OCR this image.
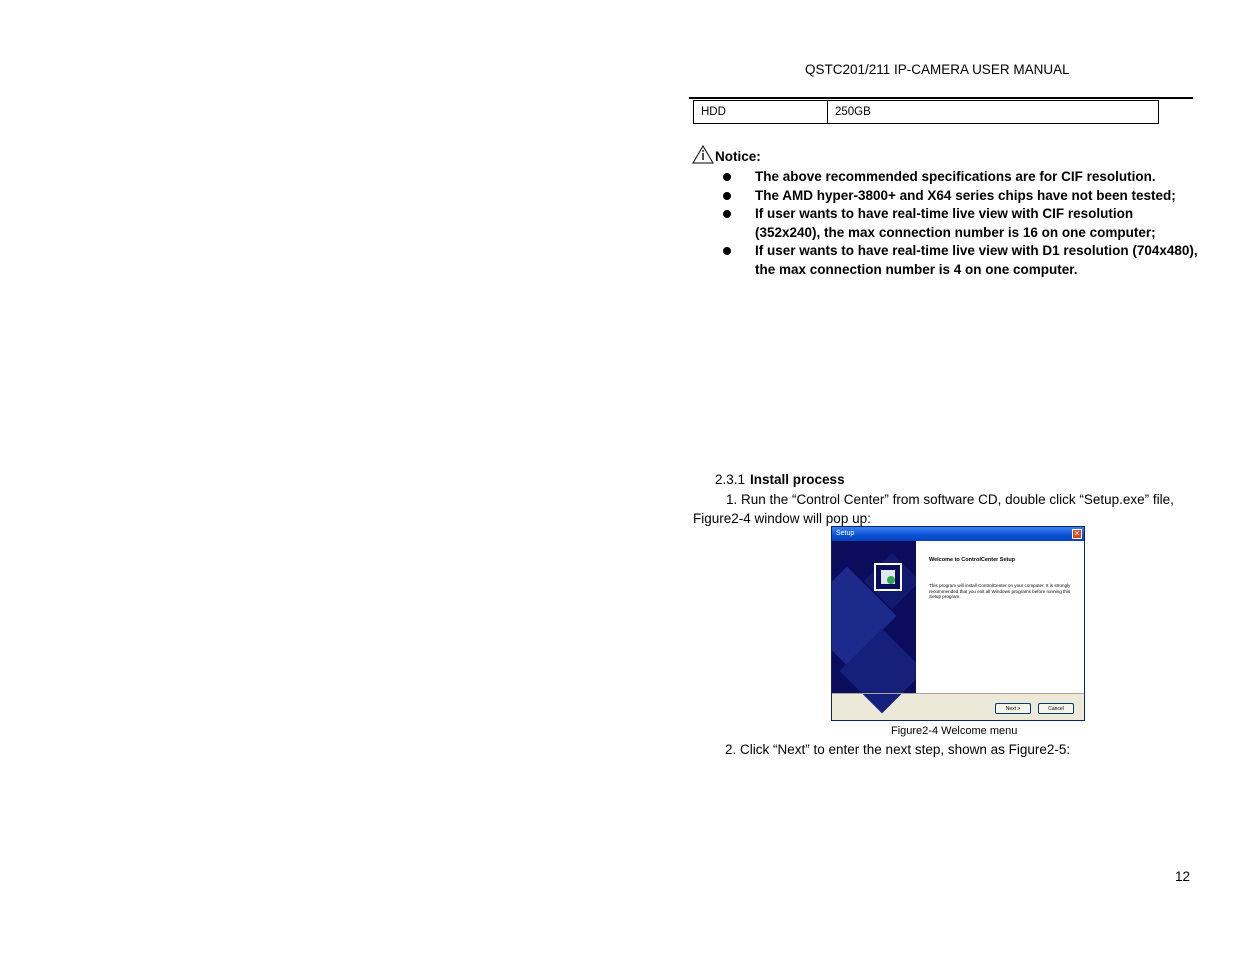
QSTC201/211 IP-CAMERA USER MANUAL
HDD	250GB
Notice:
The above recommended specifications are for CIF resolution.
The AMD hyper-3800+ and X64 series chips have not been tested;
If user wants to have real-time live view with CIF resolution (352x240), the max connection number is 16 on one computer;
If user wants to have real-time live view with D1 resolution (704x480), the max connection number is 4 on one computer.
2.3.1 Install process
1. Run the “Control Center” from software CD, double click “Setup.exe” file, Figure2-4 window will pop up:
Setup	✕
Welcome to ControlCenter Setup
This program will install ControlCenter on your computer. It is strongly recommended that you exit all Windows programs before running this Setup program.
Next >	Cancel
Figure2-4 Welcome menu
2. Click “Next” to enter the next step, shown as Figure2-5:
12
